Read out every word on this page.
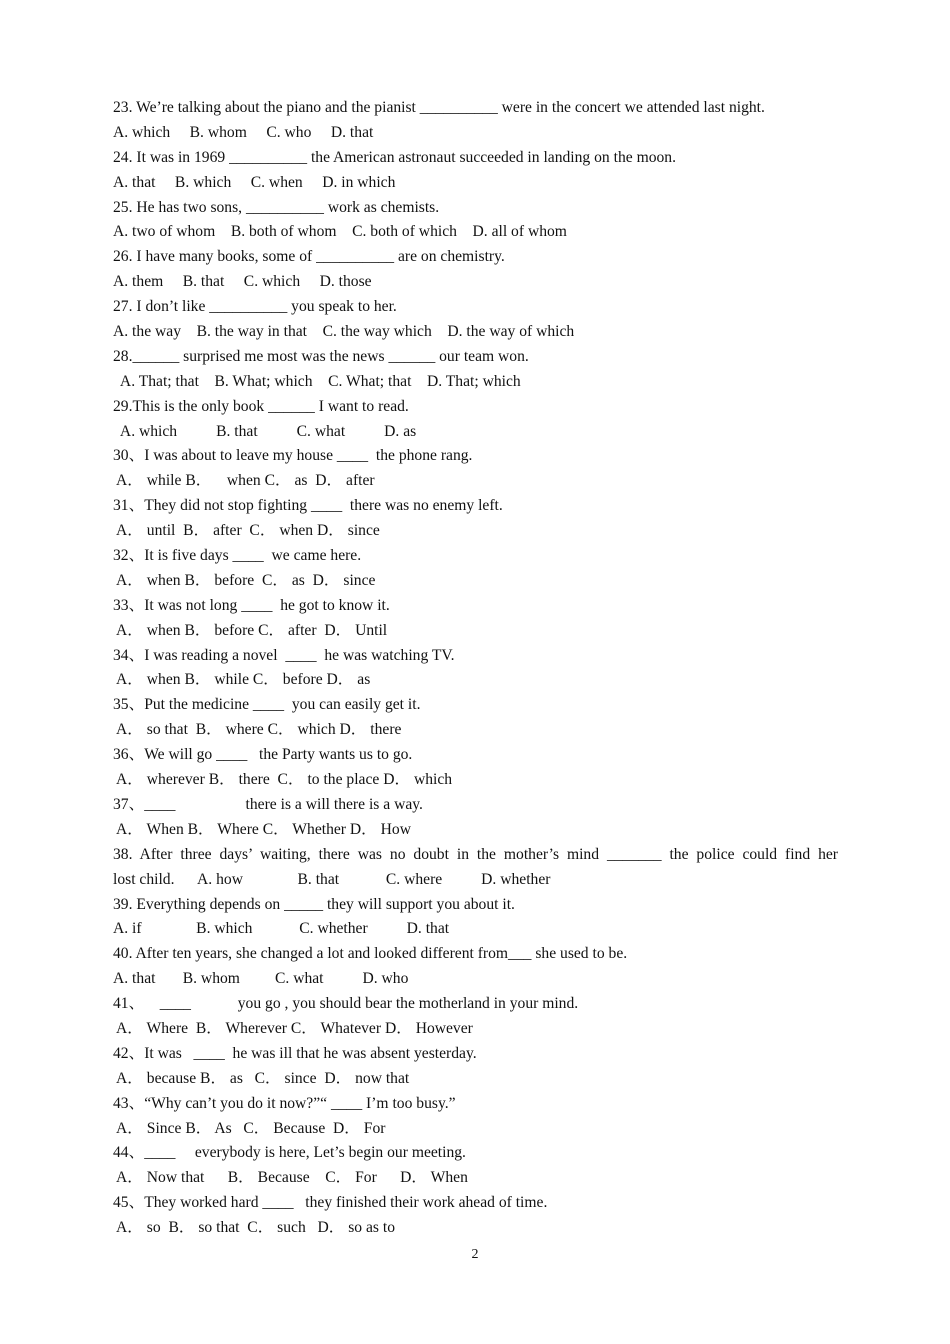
23. We’re talking about the piano and the pianist __________ were in the concert we attended last night.
A. which     B. whom     C. who     D. that
24. It was in 1969 __________ the American astronaut succeeded in landing on the moon.
A. that     B. which     C. when     D. in which
25. He has two sons, __________ work as chemists.
A. two of whom    B. both of whom    C. both of which    D. all of whom
26. I have many books, some of __________ are on chemistry.
A. them     B. that     C. which     D. those
27. I don’t like __________ you speak to her.
A. the way    B. the way in that    C. the way which    D. the way of which
28.______ surprised me most was the news ______ our team won.
A. That; that    B. What; which    C. What; that    D. That; which
29.This is the only book ______ I want to read.
A. which          B. that          C. what          D. as
30、I was about to leave my house ____  the phone rang.
A． while B．    when C． as  D． after
31、They did not stop fighting ____  there was no enemy left.
A． until  B． after  C． when D． since
32、It is five days ____  we came here.
A． when B． before  C． as  D． since
33、It was not long ____  he got to know it.
A． when B． before C． after  D． Until
34、I was reading a novel  ____  he was watching TV.
A． when B． while C． before D． as
35、Put the medicine ____  you can easily get it.
A． so that  B． where C． which D． there
36、We will go ____   the Party wants us to go.
A． wherever B． there  C． to the place D． which
37、____                  there is a will there is a way.
A． When B． Where C． Whether D． How
38. After three days’ waiting, there was no doubt in the mother’s mind _______ the police could find her
lost child.      A. how              B. that            C. where          D. whether
39. Everything depends on _____ they will support you about it.
A. if              B. which            C. whether          D. that
40. After ten years, she changed a lot and looked different from___ she used to be.
A. that       B. whom         C. what          D. who
41、    ____            you go , you should bear the motherland in your mind.
A． Where  B． Wherever C． Whatever D． However
42、It was   ____  he was ill that he was absent yesterday.
A． because B． as   C． since  D． now that
43、“Why can’t you do it now?”“ ____ I’m too busy.”
A． Since B． As   C． Because  D． For
44、____     everybody is here, Let’s begin our meeting.
A． Now that      B． Because    C． For      D． When
45、They worked hard ____   they finished their work ahead of time.
A． so  B． so that  C． such   D． so as to
2
